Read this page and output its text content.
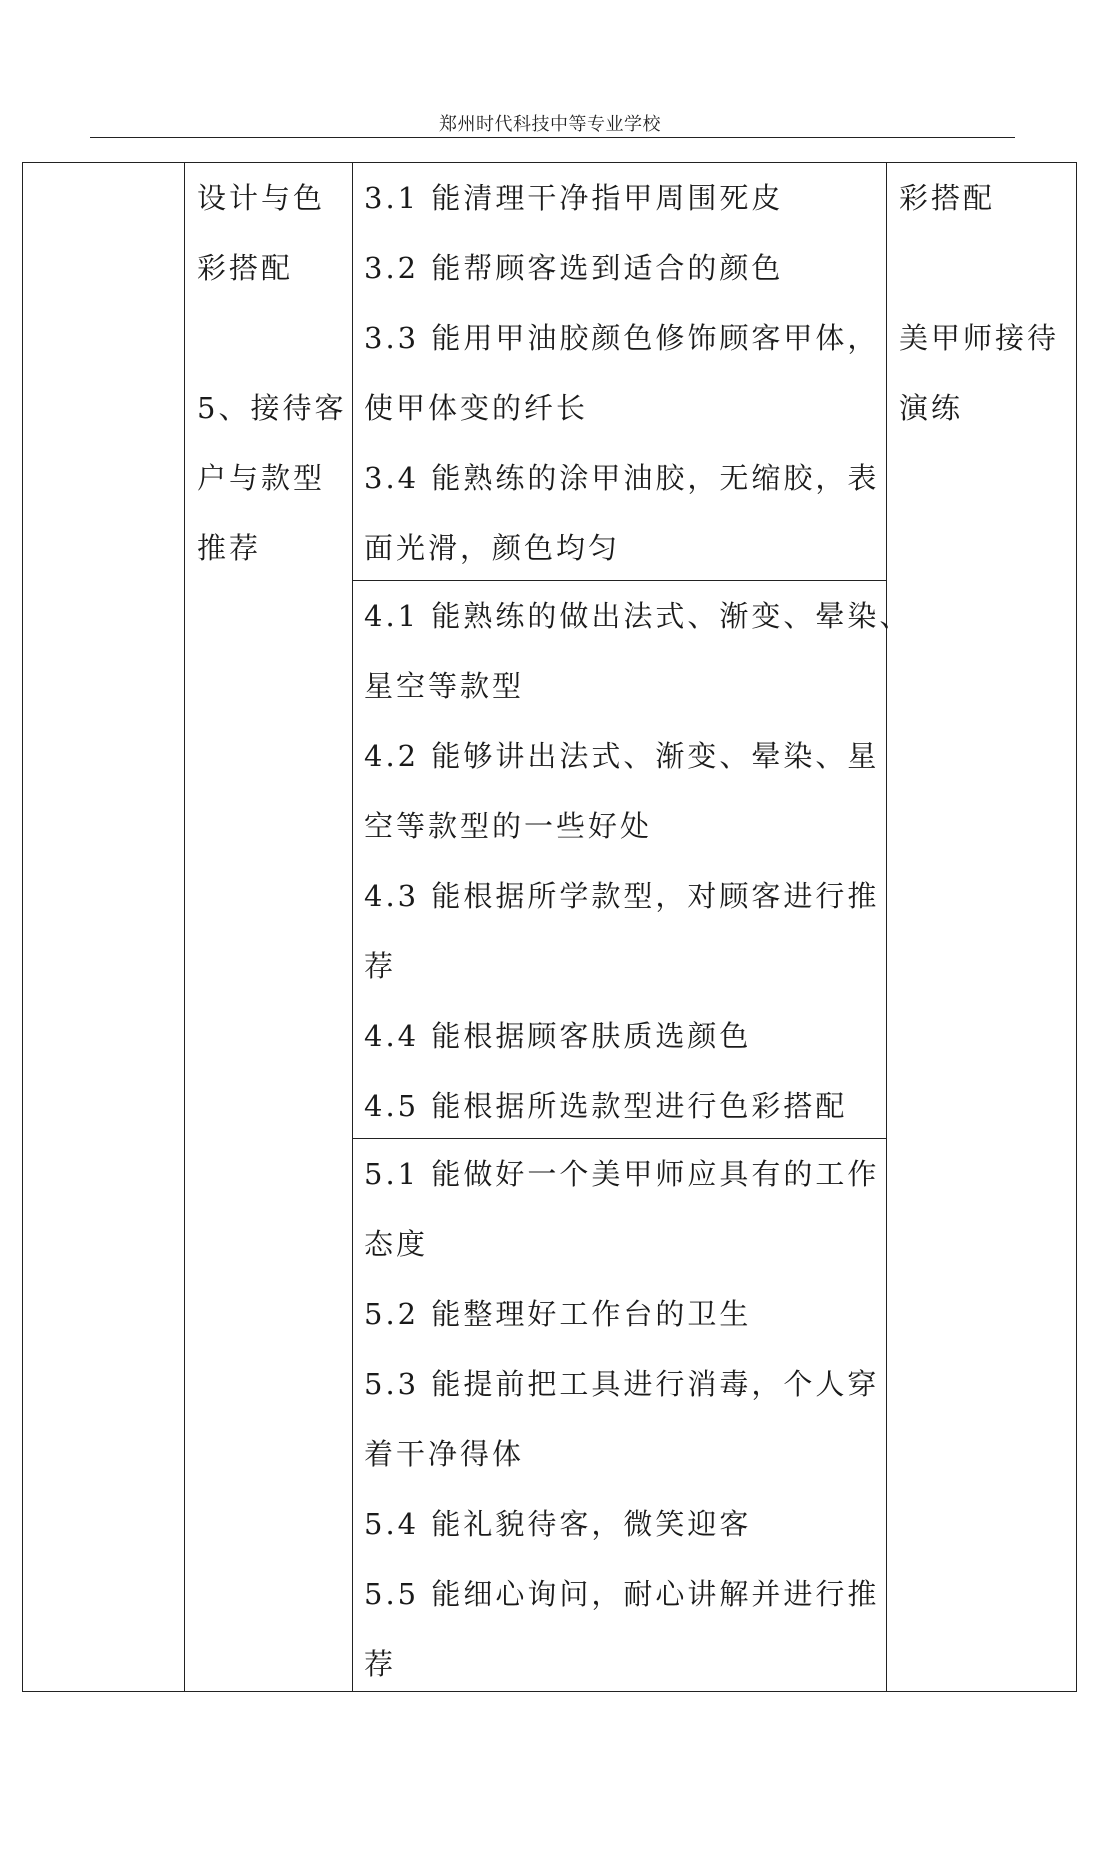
郑州时代科技中等专业学校
设计与色
彩搭配
5、接待客
户与款型
推荐
3.1 能清理干净指甲周围死皮
3.2 能帮顾客选到适合的颜色
3.3 能用甲油胶颜色修饰顾客甲体，
使甲体变的纤长
3.4 能熟练的涂甲油胶，无缩胶，表
面光滑，颜色均匀
4.1 能熟练的做出法式、渐变、晕染、
星空等款型
4.2 能够讲出法式、渐变、晕染、星
空等款型的一些好处
4.3 能根据所学款型，对顾客进行推
荐
4.4 能根据顾客肤质选颜色
4.5 能根据所选款型进行色彩搭配
5.1 能做好一个美甲师应具有的工作
态度
5.2 能整理好工作台的卫生
5.3 能提前把工具进行消毒，个人穿
着干净得体
5.4 能礼貌待客，微笑迎客
5.5 能细心询问，耐心讲解并进行推
荐
彩搭配
美甲师接待
演练
